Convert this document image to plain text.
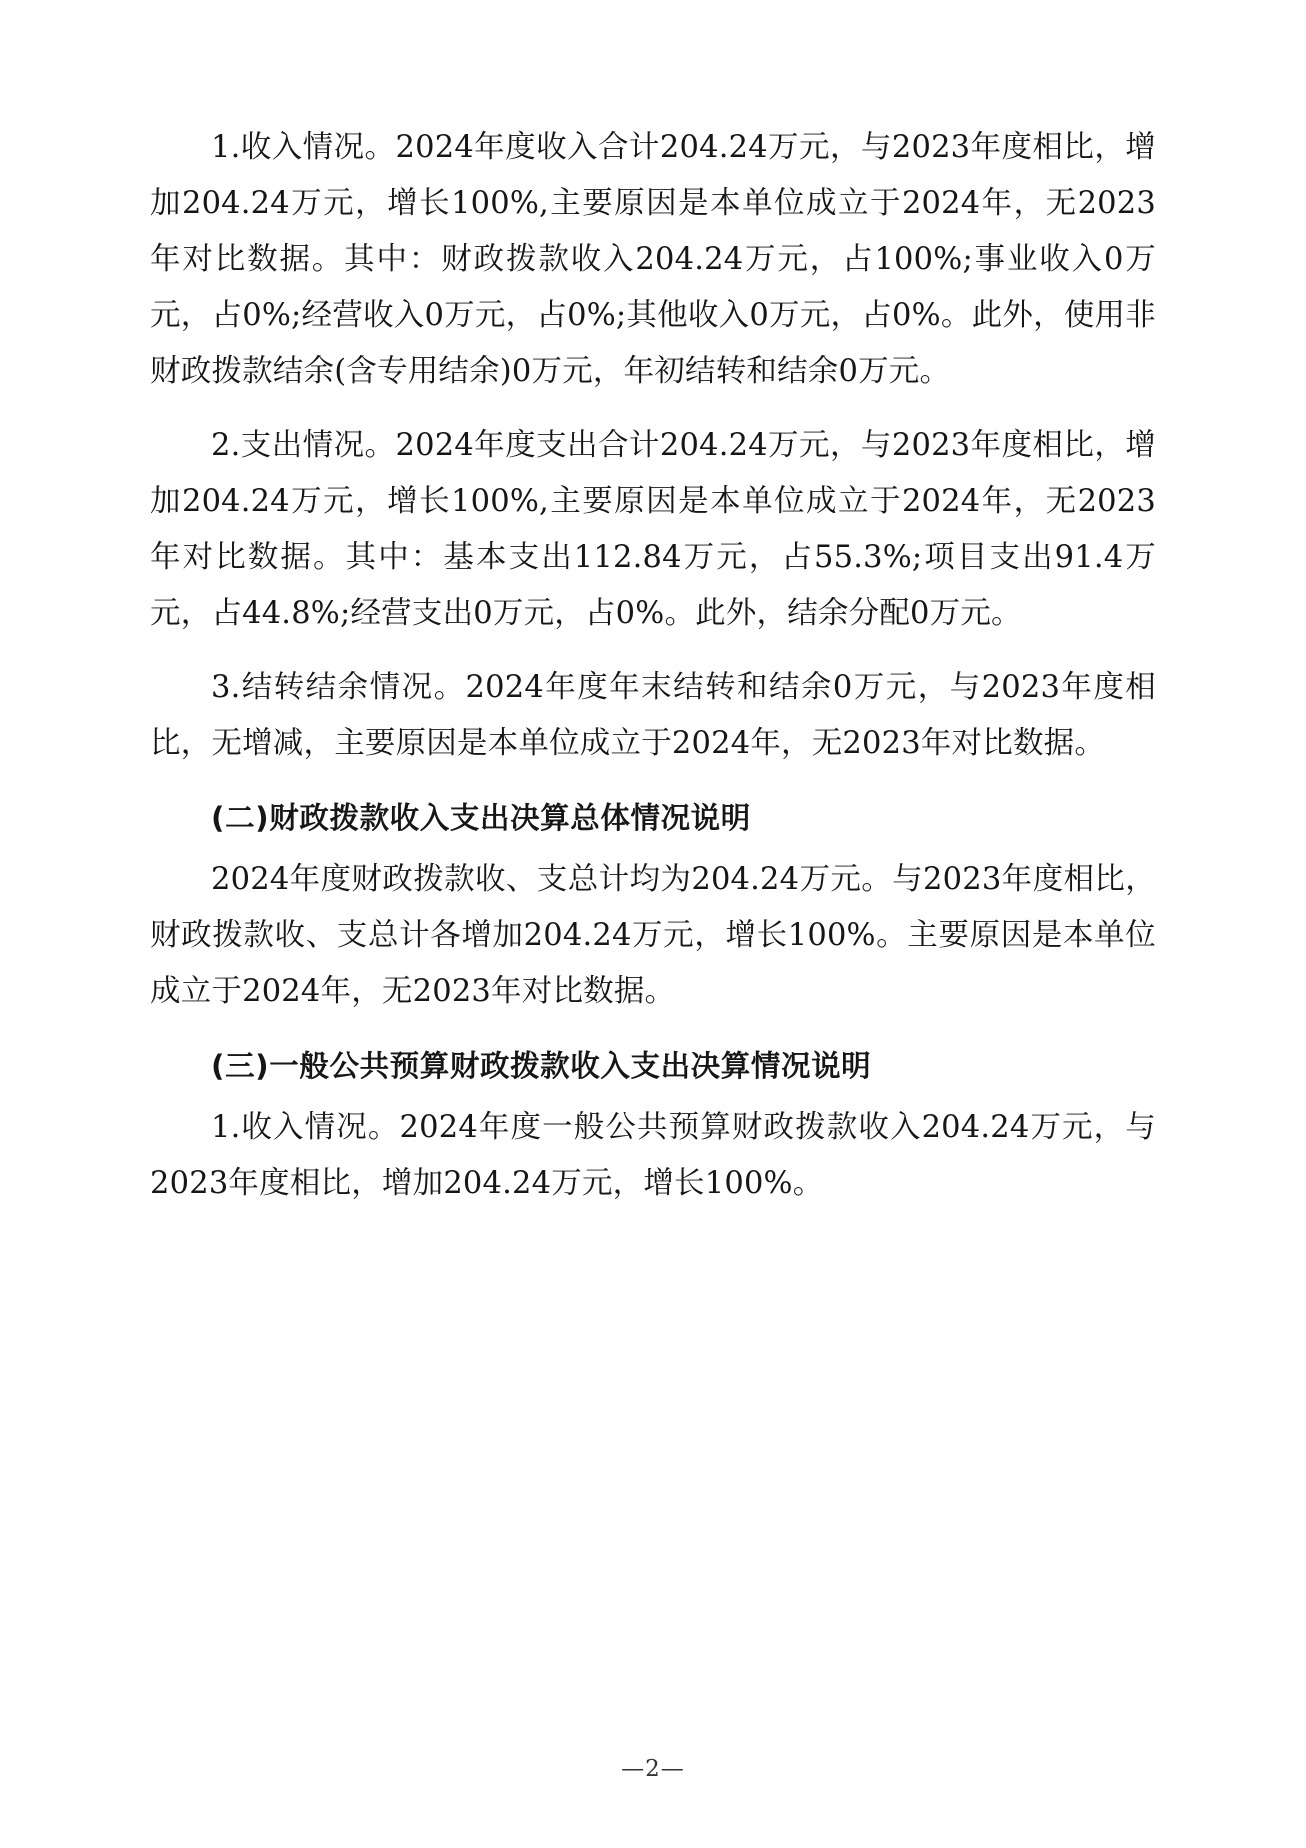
1.收入情况。2024年度收入合计204.24万元，与2023年度相比，增加204.24万元，增长100%,主要原因是本单位成立于2024年，无2023年对比数据。其中：财政拨款收入204.24万元，占100%;事业收入0万元，占0%;经营收入0万元，占0%;其他收入0万元，占0%。此外，使用非财政拨款结余(含专用结余)0万元，年初结转和结余0万元。

2.支出情况。2024年度支出合计204.24万元，与2023年度相比，增加204.24万元，增长100%,主要原因是本单位成立于2024年，无2023年对比数据。其中：基本支出112.84万元，占55.3%;项目支出91.4万元，占44.8%;经营支出0万元，占0%。此外，结余分配0万元。

3.结转结余情况。2024年度年末结转和结余0万元，与2023年度相比，无增减，主要原因是本单位成立于2024年，无2023年对比数据。

(二)财政拨款收入支出决算总体情况说明

2024年度财政拨款收、支总计均为204.24万元。与2023年度相比，财政拨款收、支总计各增加204.24万元，增长100%。主要原因是本单位成立于2024年，无2023年对比数据。

(三)一般公共预算财政拨款收入支出决算情况说明

1.收入情况。2024年度一般公共预算财政拨款收入204.24万元，与2023年度相比，增加204.24万元，增长100%。

—2—
